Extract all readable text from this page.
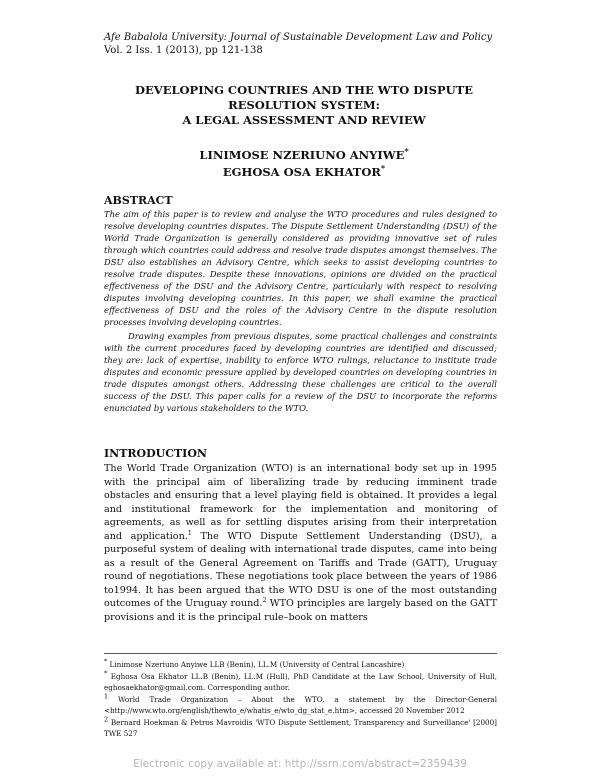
Afe Babalola University: Journal of Sustainable Development Law and Policy
Vol. 2 Iss. 1 (2013), pp 121-138
DEVELOPING COUNTRIES AND THE WTO DISPUTE
RESOLUTION SYSTEM:
A LEGAL ASSESSMENT AND REVIEW
LINIMOSE NZERIUNO ANYIWE*
EGHOSA OSA EKHATOR*
ABSTRACT

The aim of this paper is to review and analyse the WTO procedures and rules designed to resolve developing countries disputes. The Dispute Settlement Understanding (DSU) of the World Trade Organization is generally considered as providing innovative set of rules through which countries could address and resolve trade disputes amongst themselves. The DSU also establishes an Advisory Centre, which seeks to assist developing countries to resolve trade disputes. Despite these innovations, opinions are divided on the practical effectiveness of the DSU and the Advisory Centre, particularly with respect to resolving disputes involving developing countries. In this paper, we shall examine the practical effectiveness of DSU and the roles of the Advisory Centre in the dispute resolution processes involving developing countries.

Drawing examples from previous disputes, some practical challenges and constraints with the current procedures faced by developing countries are identified and discussed; they are: lack of expertise, inability to enforce WTO rulings, reluctance to institute trade disputes and economic pressure applied by developed countries on developing countries in trade disputes amongst others. Addressing these challenges are critical to the overall success of the DSU. This paper calls for a review of the DSU to incorporate the reforms enunciated by various stakeholders to the WTO.

INTRODUCTION

The World Trade Organization (WTO) is an international body set up in 1995 with the principal aim of liberalizing trade by reducing imminent trade obstacles and ensuring that a level playing field is obtained. It provides a legal and institutional framework for the implementation and monitoring of agreements, as well as for settling disputes arising from their interpretation and application.$^1$ The WTO Dispute Settlement Understanding (DSU), a purposeful system of dealing with international trade disputes, came into being as a result of the General Agreement on Tariffs and Trade (GATT), Uruguay round of negotiations. These negotiations took place between the years of 1986 to1994. It has been argued that the WTO DSU is one of the most outstanding outcomes of the Uruguay round.$^2$ WTO principles are largely based on the GATT provisions and it is the principal rule–book on matters

* Linimose Nzeriuno Anyiwe LLB (Benin), LL.M (University of Central Lancashire)

* Eghosa Osa Ekhator LL.B (Benin), LL.M (Hull), PhD Candidate at the Law School, University of Hull, eghosaekhator@gmail.com. Corresponding author.

$^1$ World Trade Organization – About the WTO, a statement by the Director-General <http://www.wto.org/english/thewto_e/whatis_e/wto_dg_stat_e.htm>, accessed 20 November 2012

$^2$ Bernard Hoekman & Petros Mavroidis 'WTO Dispute Settlement, Transparency and Surveillance' [2000] TWE 527

Electronic copy available at: http://ssrn.com/abstract=2359439
